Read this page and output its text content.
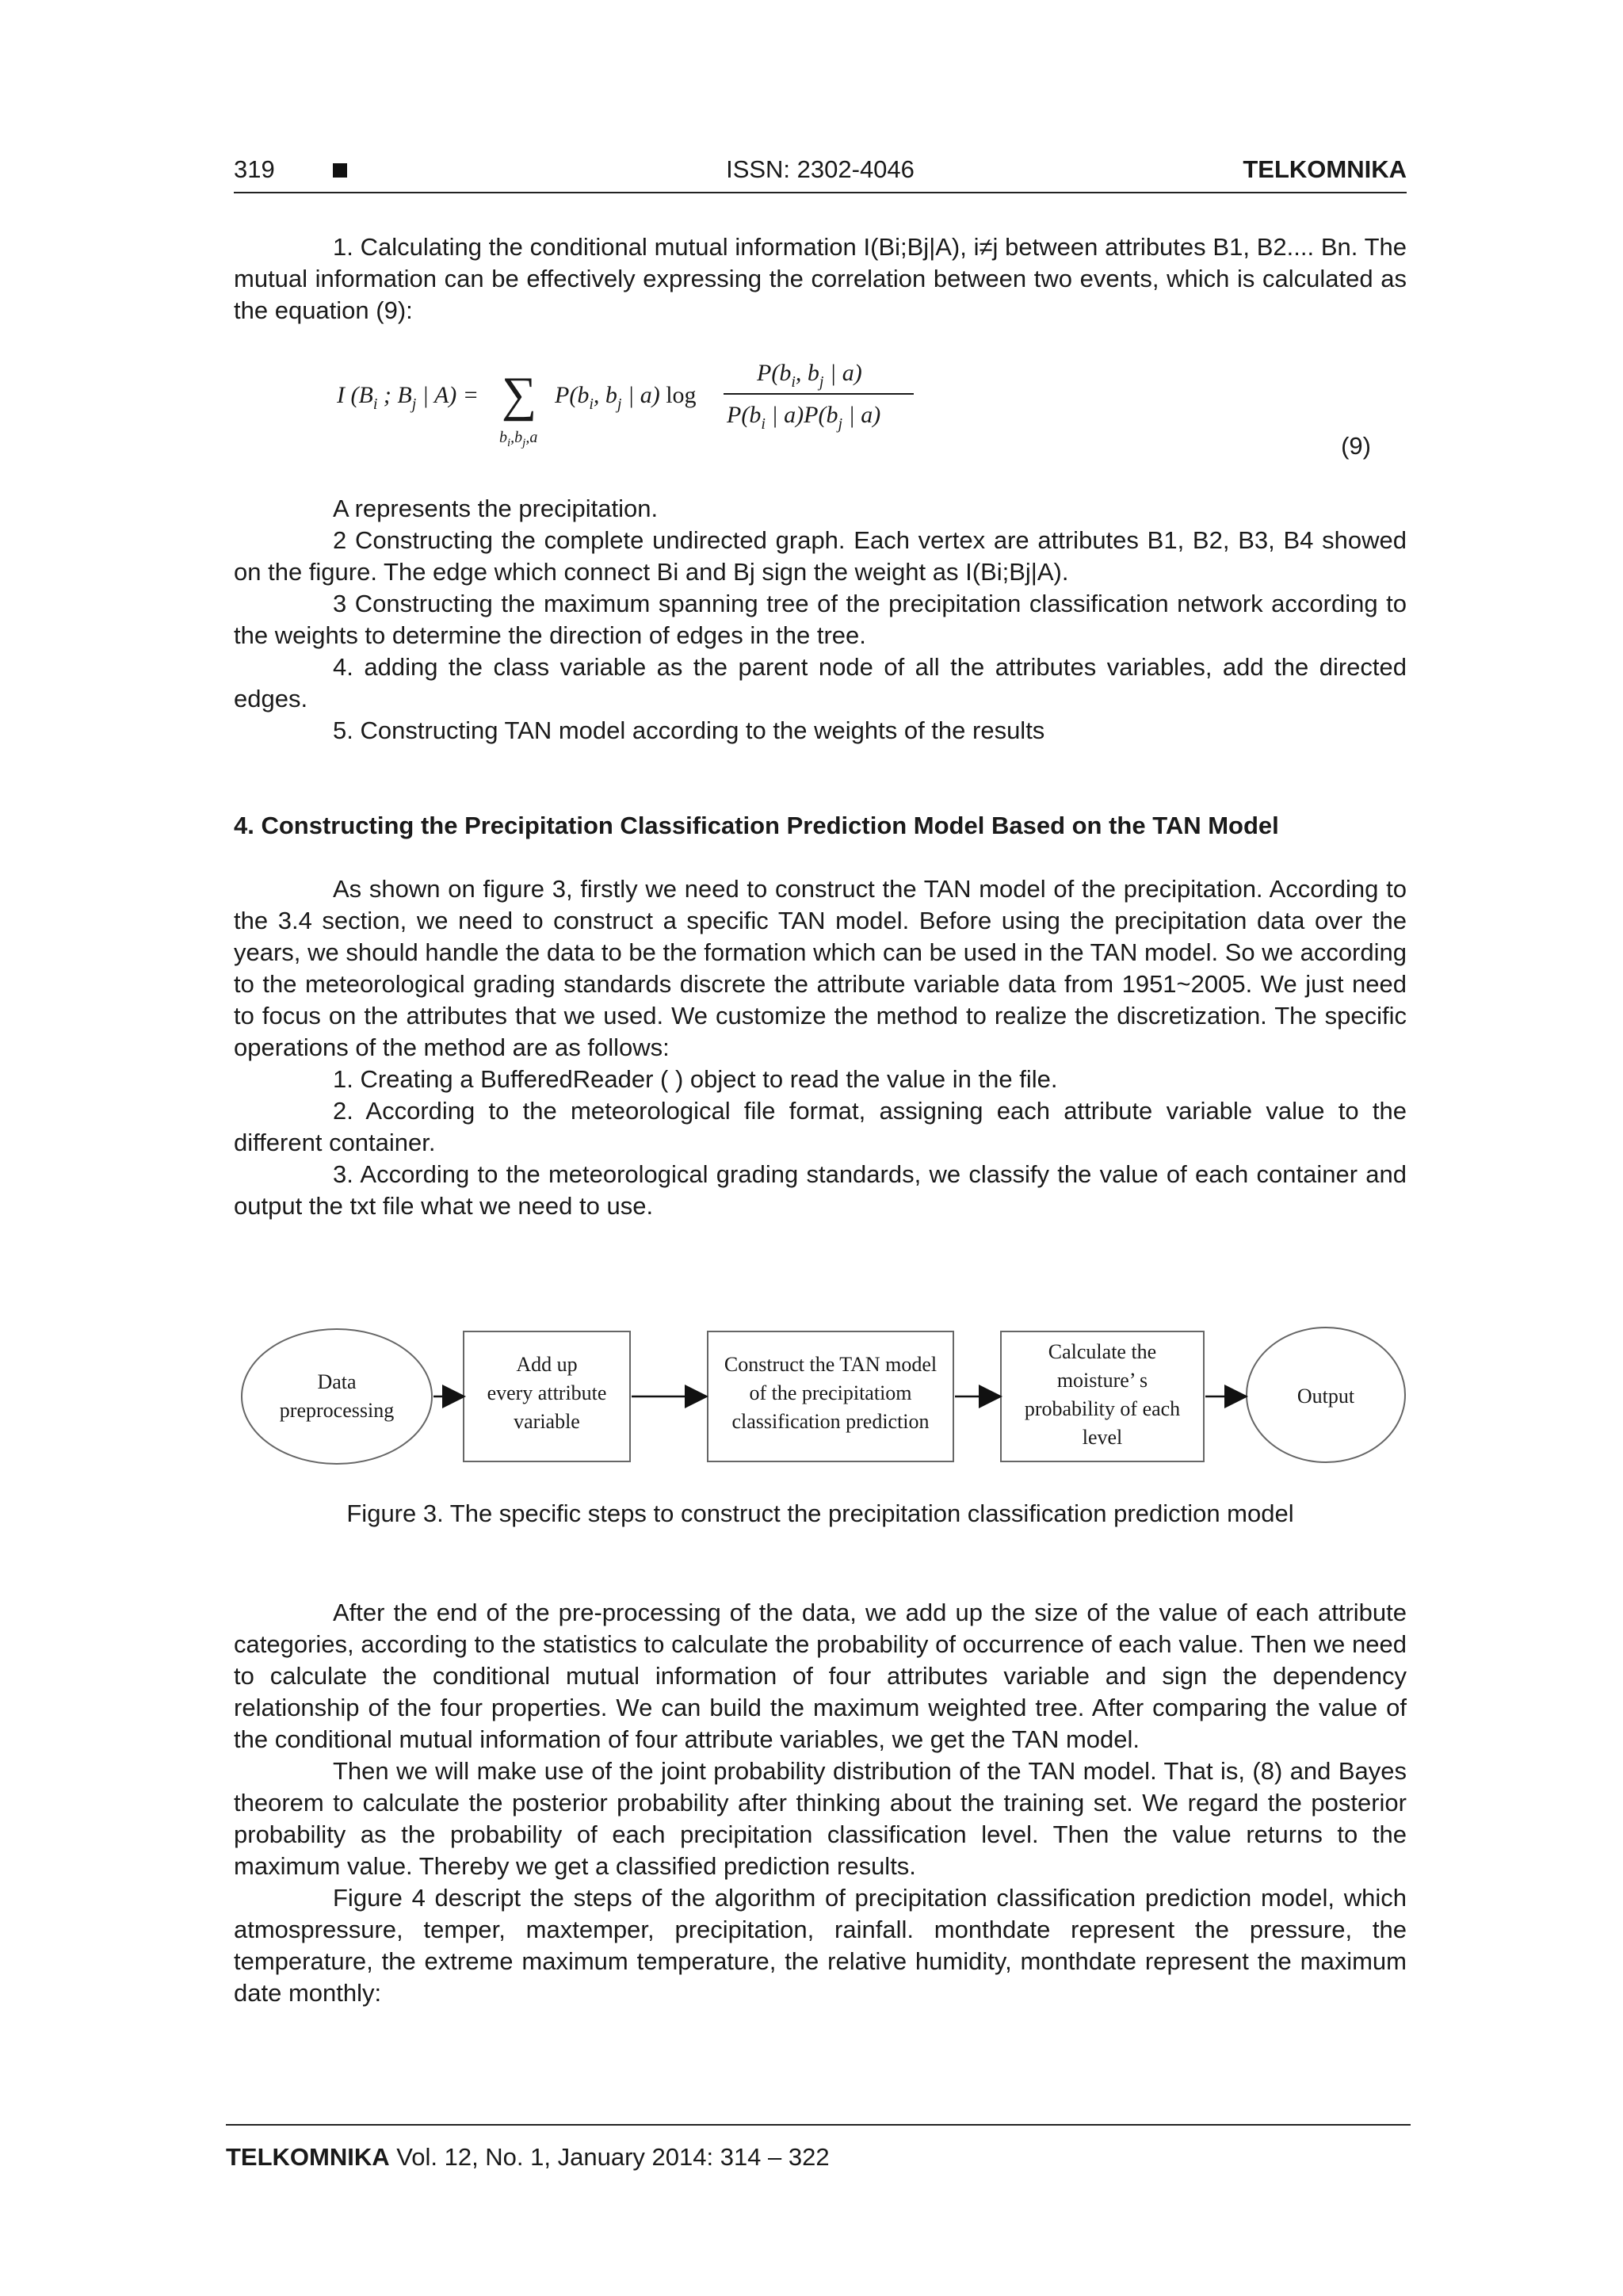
319	ISSN: 2302-4046	TELKOMNIKA

1. Calculating the conditional mutual information I(Bi;Bj|A), i≠j between attributes B1, B2.... Bn. The mutual information can be effectively expressing the correlation between two events, which is calculated as the equation (9):

I ($B_i$ ; $B_j$ | A) = ∑
$b_i,b_j,a$
$P(b_i$, $b_j$ | a) log
$P(b_i$, $b_j$ | a)
$P(b_i$ | $a)P(b_j$ | a)
(9)

A represents the precipitation.

2 Constructing the complete undirected graph. Each vertex are attributes B1, B2, B3, B4 showed on the figure. The edge which connect Bi and Bj sign the weight as I(Bi;Bj|A).

3 Constructing the maximum spanning tree of the precipitation classification network according to the weights to determine the direction of edges in the tree.

4. adding the class variable as the parent node of all the attributes variables, add the directed edges.

5. Constructing TAN model according to the weights of the results

4. Constructing the Precipitation Classification Prediction Model Based on the TAN Model

As shown on figure 3, firstly we need to construct the TAN model of the precipitation. According to the 3.4 section, we need to construct a specific TAN model. Before using the precipitation data over the years, we should handle the data to be the formation which can be used in the TAN model. So we according to the meteorological grading standards discrete the attribute variable data from 1951~2005. We just need to focus on the attributes that we used. We customize the method to realize the discretization. The specific operations of the method are as follows:

1. Creating a BufferedReader ( ) object to read the value in the file.

2. According to the meteorological file format, assigning each attribute variable value to the different container.

3. According to the meteorological grading standards, we classify the value of each container and output the txt file what we need to use.

Data
preprocessing
Add up
every attribute
variable
Construct the TAN model
of the precipitatiom
classification prediction
Calculate the
moisture’ s
probability of each
level
Output
Figure 3. The specific steps to construct the precipitation classification prediction model

After the end of the pre-processing of the data, we add up the size of the value of each attribute categories, according to the statistics to calculate the probability of occurrence of each value. Then we need to calculate the conditional mutual information of four attributes variable and sign the dependency relationship of the four properties. We can build the maximum weighted tree. After comparing the value of the conditional mutual information of four attribute variables, we get the TAN model.

Then we will make use of the joint probability distribution of the TAN model. That is, (8) and Bayes theorem to calculate the posterior probability after thinking about the training set. We regard the posterior probability as the probability of each precipitation classification level. Then the value returns to the maximum value. Thereby we get a classified prediction results.

Figure 4 descript the steps of the algorithm of precipitation classification prediction model, which atmospressure, temper, maxtemper, precipitation, rainfall. monthdate represent the pressure, the temperature, the extreme maximum temperature, the relative humidity, monthdate represent the maximum date monthly:

TELKOMNIKA Vol. 12, No. 1, January 2014: 314 – 322
